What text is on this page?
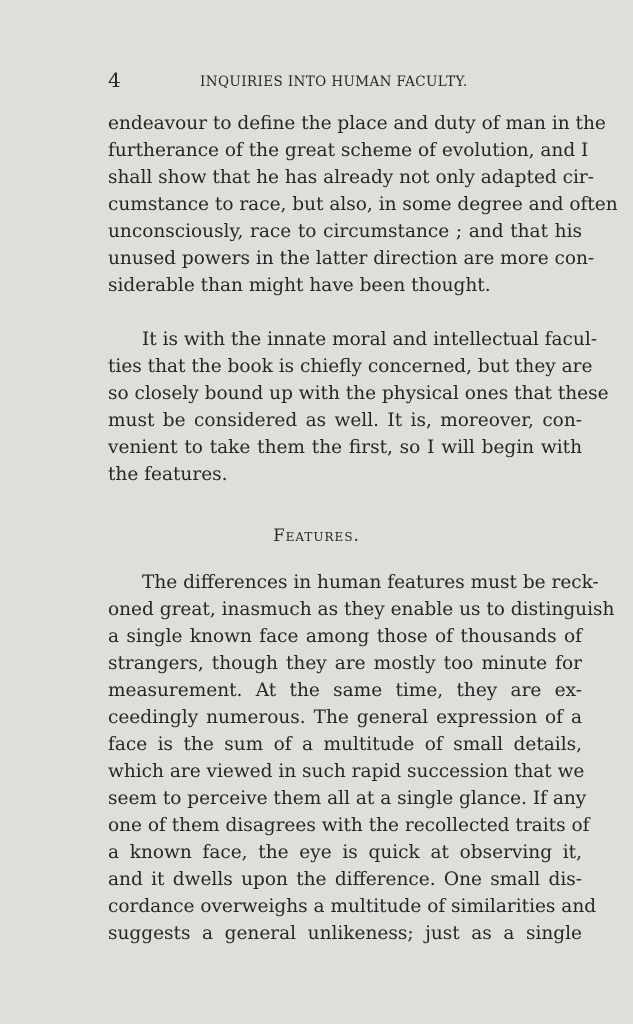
4	INQUIRIES INTO HUMAN FACULTY.
endeavour to define the place and duty of man in the
furtherance of the great scheme of evolution, and I
shall show that he has already not only adapted cir-
cumstance to race, but also, in some degree and often
unconsciously, race to circumstance ; and that his
unused powers in the latter direction are more con-
siderable than might have been thought.
It is with the innate moral and intellectual facul-
ties that the book is chiefly concerned, but they are
so closely bound up with the physical ones that these
must be considered as well. It is, moreover, con-
venient to take them the first, so I will begin with
the features.
Features.
The differences in human features must be reck-
oned great, inasmuch as they enable us to distinguish
a single known face among those of thousands of
strangers, though they are mostly too minute for
measurement. At the same time, they are ex-
ceedingly numerous. The general expression of a
face is the sum of a multitude of small details,
which are viewed in such rapid succession that we
seem to perceive them all at a single glance. If any
one of them disagrees with the recollected traits of
a known face, the eye is quick at observing it,
and it dwells upon the difference. One small dis-
cordance overweighs a multitude of similarities and
suggests a general unlikeness; just as a single
